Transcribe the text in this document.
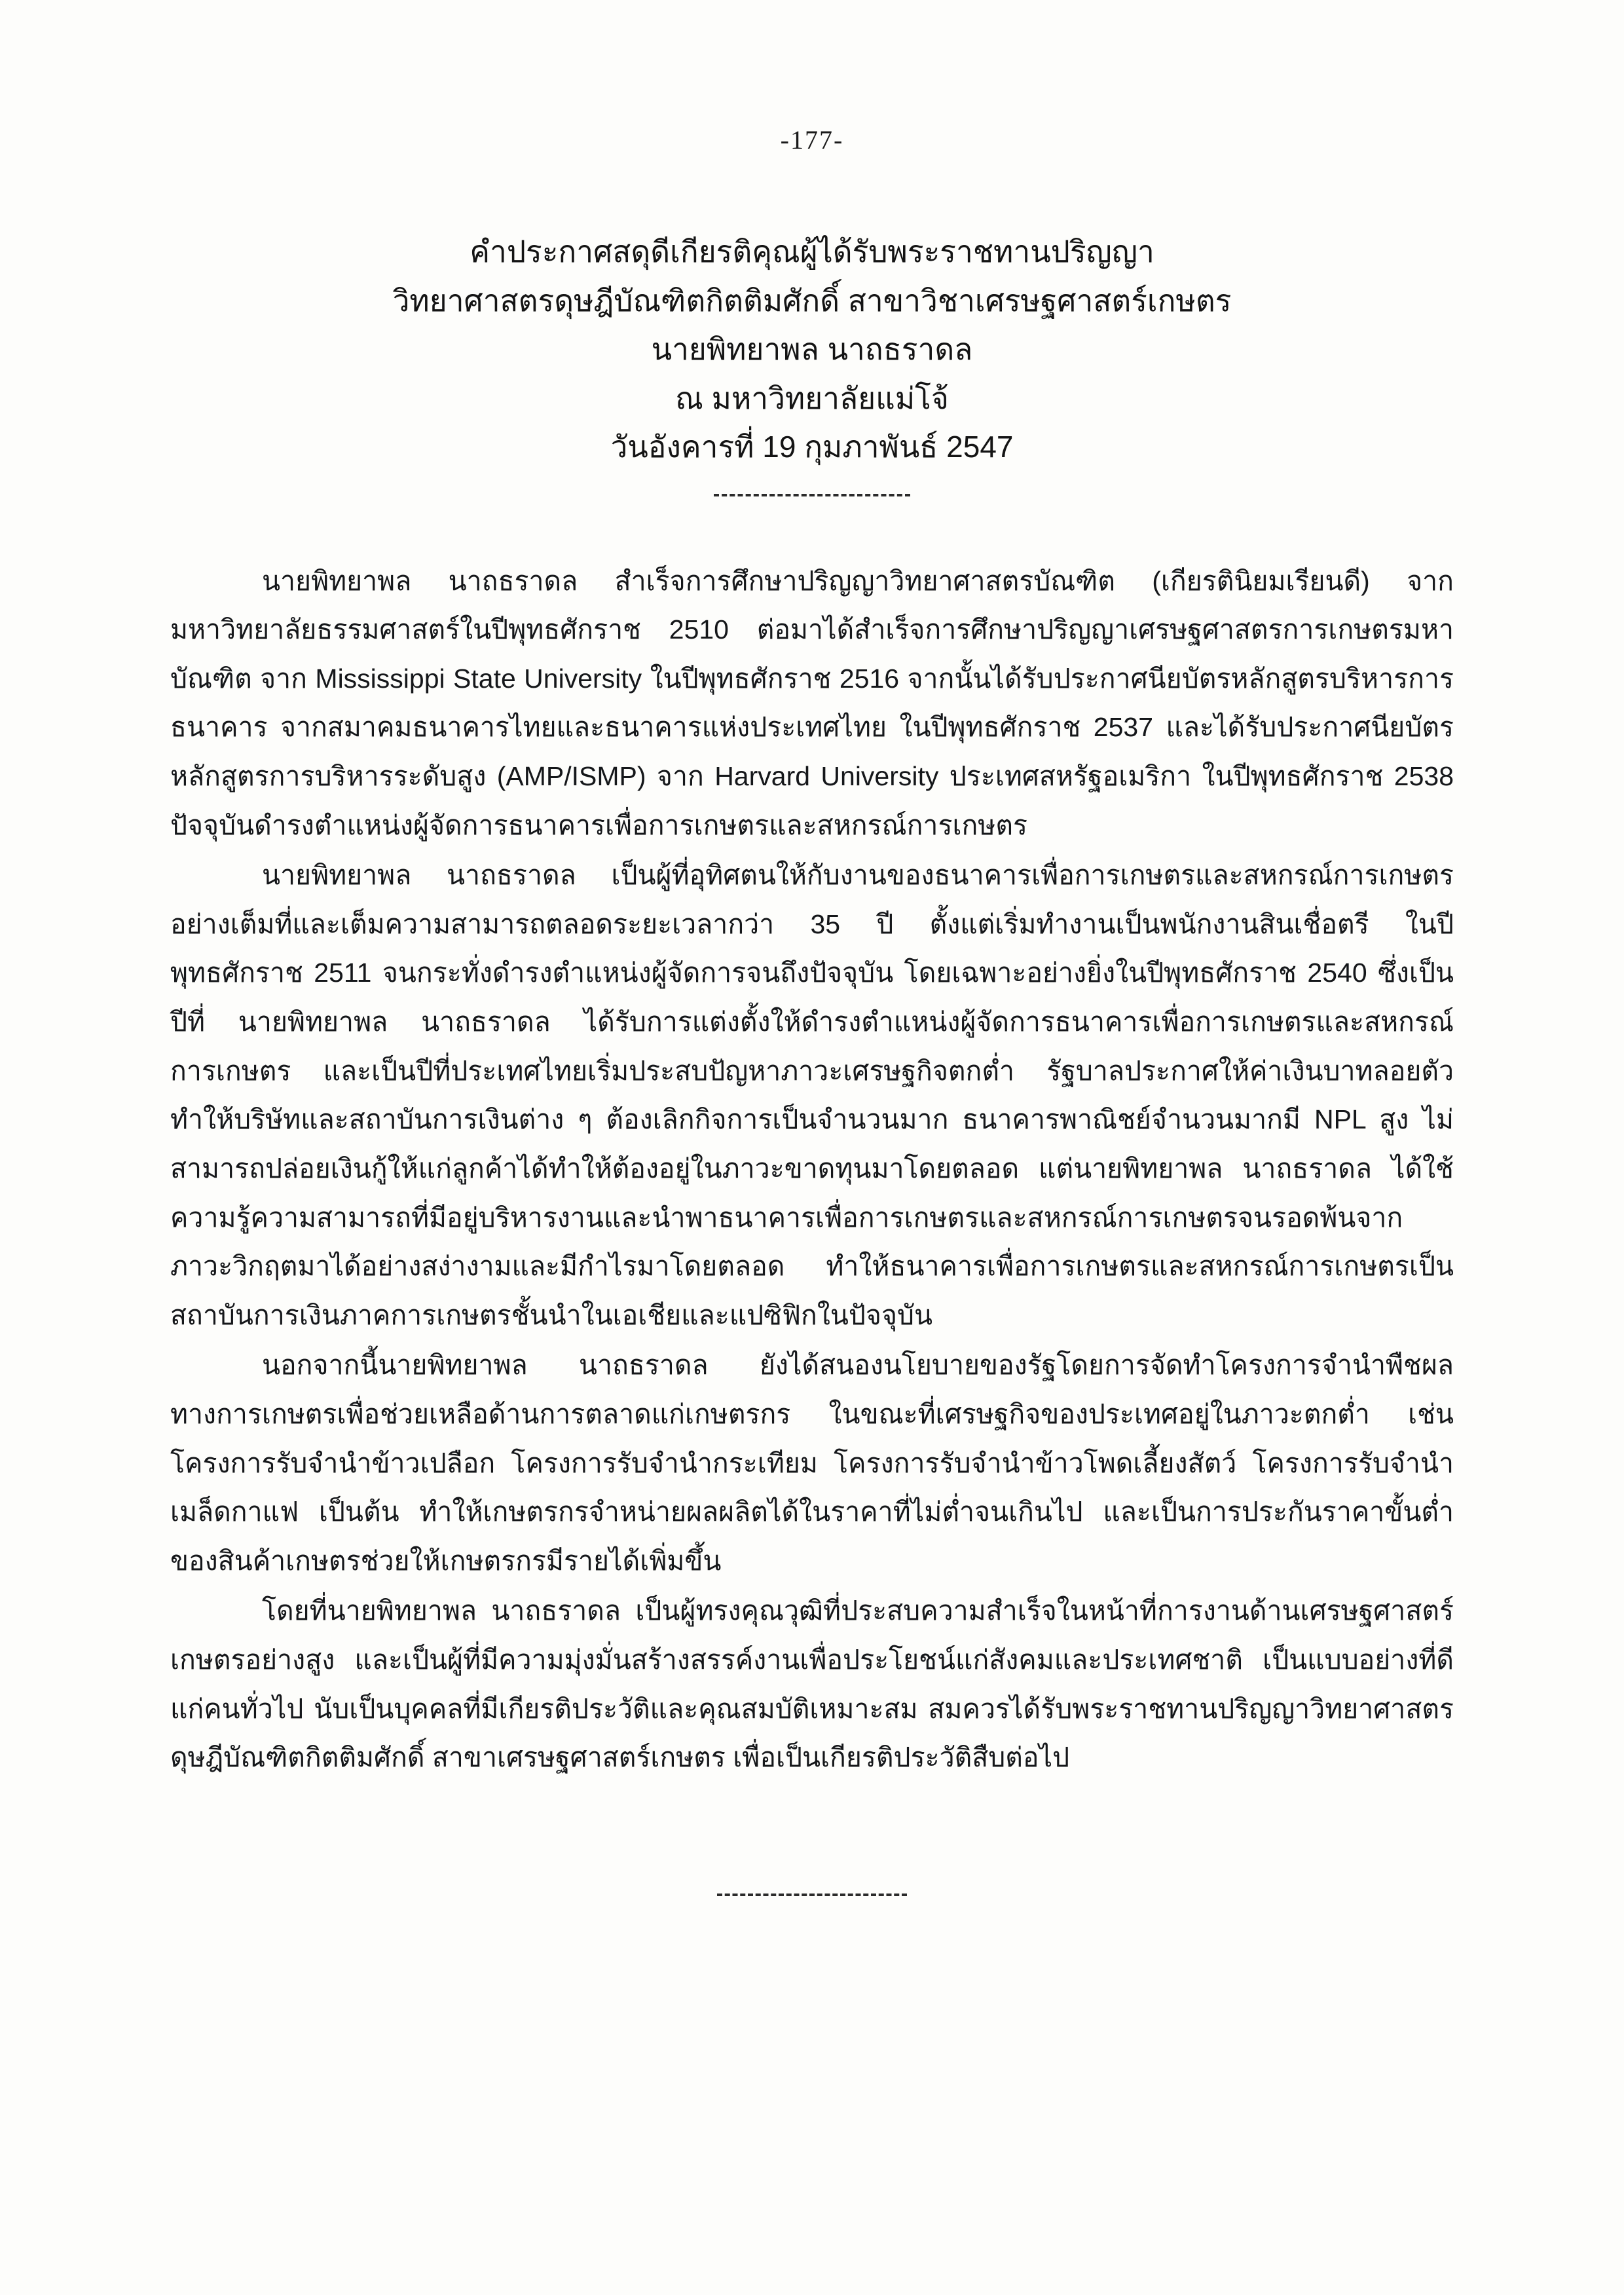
-177-
คำประกาศสดุดีเกียรติคุณผู้ได้รับพระราชทานปริญญา
วิทยาศาสตรดุษฎีบัณฑิตกิตติมศักดิ์ สาขาวิชาเศรษฐศาสตร์เกษตร
นายพิทยาพล นาถธราดล
ณ มหาวิทยาลัยแม่โจ้
วันอังคารที่ 19 กุมภาพันธ์ 2547

นายพิทยาพล นาถธราดล สำเร็จการศึกษาปริญญาวิทยาศาสตรบัณฑิต (เกียรตินิยมเรียนดี) จากมหาวิทยาลัยธรรมศาสตร์ในปีพุทธศักราช 2510 ต่อมาได้สำเร็จการศึกษาปริญญาเศรษฐศาสตรการเกษตรมหาบัณฑิต จาก Mississippi State University ในปีพุทธศักราช 2516 จากนั้นได้รับประกาศนียบัตรหลักสูตรบริหารการธนาคาร จากสมาคมธนาคารไทยและธนาคารแห่งประเทศไทย ในปีพุทธศักราช 2537 และได้รับประกาศนียบัตร หลักสูตรการบริหารระดับสูง (AMP/ISMP) จาก Harvard University ประเทศสหรัฐอเมริกา ในปีพุทธศักราช 2538 ปัจจุบันดำรงตำแหน่งผู้จัดการธนาคารเพื่อการเกษตรและสหกรณ์การเกษตร

นายพิทยาพล นาถธราดล เป็นผู้ที่อุทิศตนให้กับงานของธนาคารเพื่อการเกษตรและสหกรณ์การเกษตรอย่างเต็มที่และเต็มความสามารถตลอดระยะเวลากว่า 35 ปี ตั้งแต่เริ่มทำงานเป็นพนักงานสินเชื่อตรี ในปีพุทธศักราช 2511 จนกระทั่งดำรงตำแหน่งผู้จัดการจนถึงปัจจุบัน โดยเฉพาะอย่างยิ่งในปีพุทธศักราช 2540 ซึ่งเป็นปีที่ นายพิทยาพล นาถธราดล ได้รับการแต่งตั้งให้ดำรงตำแหน่งผู้จัดการธนาคารเพื่อการเกษตรและสหกรณ์การเกษตร และเป็นปีที่ประเทศไทยเริ่มประสบปัญหาภาวะเศรษฐกิจตกต่ำ รัฐบาลประกาศให้ค่าเงินบาทลอยตัว ทำให้บริษัทและสถาบันการเงินต่าง ๆ ต้องเลิกกิจการเป็นจำนวนมาก ธนาคารพาณิชย์จำนวนมากมี NPL สูง ไม่สามารถปล่อยเงินกู้ให้แก่ลูกค้าได้ทำให้ต้องอยู่ในภาวะขาดทุนมาโดยตลอด แต่นายพิทยาพล นาถธราดล ได้ใช้ความรู้ความสามารถที่มีอยู่บริหารงานและนำพาธนาคารเพื่อการเกษตรและสหกรณ์การเกษตรจนรอดพ้นจากภาวะวิกฤตมาได้อย่างสง่างามและมีกำไรมาโดยตลอด ทำให้ธนาคารเพื่อการเกษตรและสหกรณ์การเกษตรเป็นสถาบันการเงินภาคการเกษตรชั้นนำในเอเชียและแปซิฟิกในปัจจุบัน

นอกจากนี้นายพิทยาพล นาถธราดล ยังได้สนองนโยบายของรัฐโดยการจัดทำโครงการจำนำพืชผลทางการเกษตรเพื่อช่วยเหลือด้านการตลาดแก่เกษตรกร ในขณะที่เศรษฐกิจของประเทศอยู่ในภาวะตกต่ำ เช่น โครงการรับจำนำข้าวเปลือก โครงการรับจำนำกระเทียม โครงการรับจำนำข้าวโพดเลี้ยงสัตว์ โครงการรับจำนำเมล็ดกาแฟ เป็นต้น ทำให้เกษตรกรจำหน่ายผลผลิตได้ในราคาที่ไม่ต่ำจนเกินไป และเป็นการประกันราคาขั้นต่ำของสินค้าเกษตรช่วยให้เกษตรกรมีรายได้เพิ่มขึ้น

โดยที่นายพิทยาพล นาถธราดล เป็นผู้ทรงคุณวุฒิที่ประสบความสำเร็จในหน้าที่การงานด้านเศรษฐศาสตร์เกษตรอย่างสูง และเป็นผู้ที่มีความมุ่งมั่นสร้างสรรค์งานเพื่อประโยชน์แก่สังคมและประเทศชาติ เป็นแบบอย่างที่ดีแก่คนทั่วไป นับเป็นบุคคลที่มีเกียรติประวัติและคุณสมบัติเหมาะสม สมควรได้รับพระราชทานปริญญาวิทยาศาสตรดุษฎีบัณฑิตกิตติมศักดิ์ สาขาเศรษฐศาสตร์เกษตร เพื่อเป็นเกียรติประวัติสืบต่อไป
